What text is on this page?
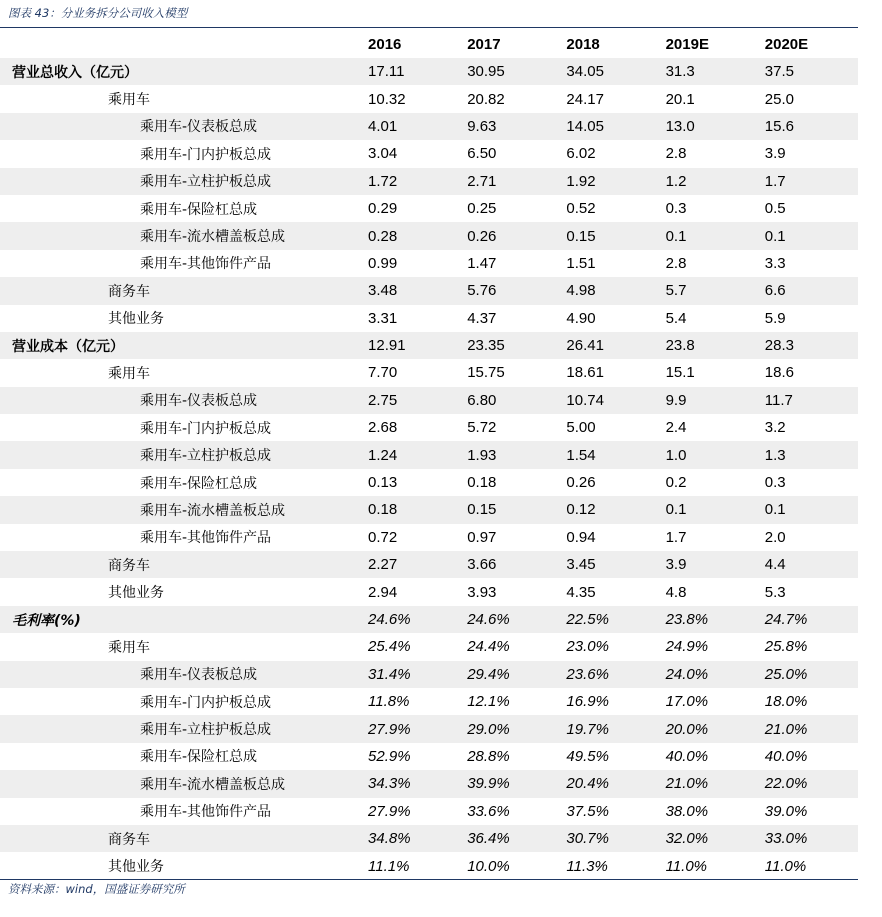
图表 43：分业务拆分公司收入模型
	2016	2017	2018	2019E	2020E
营业总收入（亿元）	17.11	30.95	34.05	31.3	37.5
乘用车	10.32	20.82	24.17	20.1	25.0
乘用车-仪表板总成	4.01	9.63	14.05	13.0	15.6
乘用车-门内护板总成	3.04	6.50	6.02	2.8	3.9
乘用车-立柱护板总成	1.72	2.71	1.92	1.2	1.7
乘用车-保险杠总成	0.29	0.25	0.52	0.3	0.5
乘用车-流水槽盖板总成	0.28	0.26	0.15	0.1	0.1
乘用车-其他饰件产品	0.99	1.47	1.51	2.8	3.3
商务车	3.48	5.76	4.98	5.7	6.6
其他业务	3.31	4.37	4.90	5.4	5.9
营业成本（亿元）	12.91	23.35	26.41	23.8	28.3
乘用车	7.70	15.75	18.61	15.1	18.6
乘用车-仪表板总成	2.75	6.80	10.74	9.9	11.7
乘用车-门内护板总成	2.68	5.72	5.00	2.4	3.2
乘用车-立柱护板总成	1.24	1.93	1.54	1.0	1.3
乘用车-保险杠总成	0.13	0.18	0.26	0.2	0.3
乘用车-流水槽盖板总成	0.18	0.15	0.12	0.1	0.1
乘用车-其他饰件产品	0.72	0.97	0.94	1.7	2.0
商务车	2.27	3.66	3.45	3.9	4.4
其他业务	2.94	3.93	4.35	4.8	5.3
毛利率(%)	24.6%	24.6%	22.5%	23.8%	24.7%
乘用车	25.4%	24.4%	23.0%	24.9%	25.8%
乘用车-仪表板总成	31.4%	29.4%	23.6%	24.0%	25.0%
乘用车-门内护板总成	11.8%	12.1%	16.9%	17.0%	18.0%
乘用车-立柱护板总成	27.9%	29.0%	19.7%	20.0%	21.0%
乘用车-保险杠总成	52.9%	28.8%	49.5%	40.0%	40.0%
乘用车-流水槽盖板总成	34.3%	39.9%	20.4%	21.0%	22.0%
乘用车-其他饰件产品	27.9%	33.6%	37.5%	38.0%	39.0%
商务车	34.8%	36.4%	30.7%	32.0%	33.0%
其他业务	11.1%	10.0%	11.3%	11.0%	11.0%
资料来源：wind，国盛证券研究所
